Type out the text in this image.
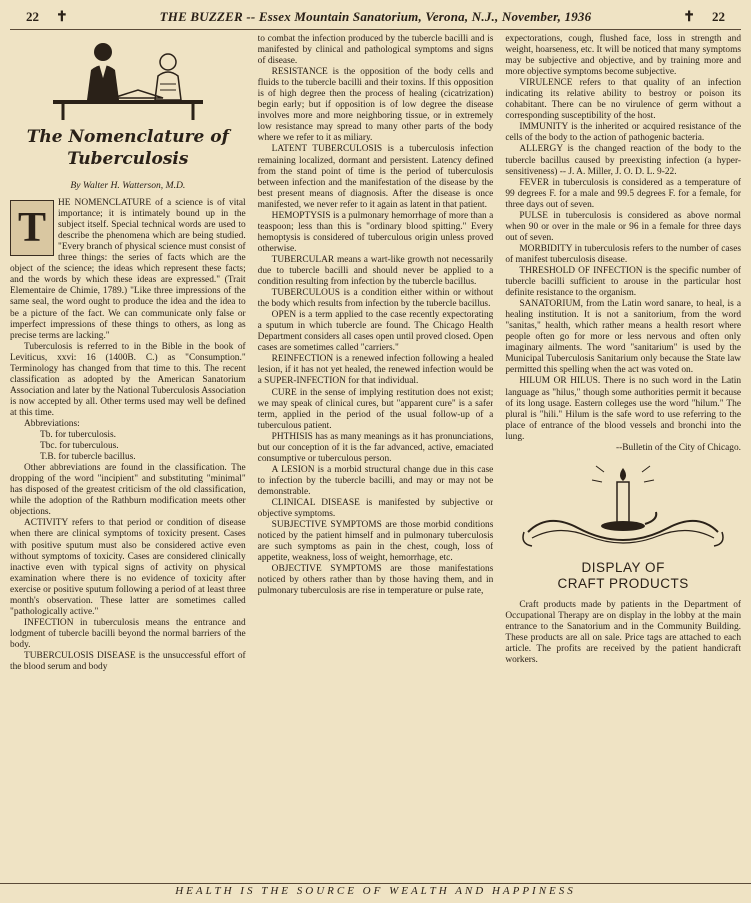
22	✝	THE BUZZER -- Essex Mountain Sanatorium, Verona, N.J., November, 1936	✝	22
The Nomenclature of
Tuberculosis
By Walter H. Watterson, M.D.
T

HE NOMENCLATURE of a science is of vital importance; it is intimately bound up in the subject itself. Special technical words are used to describe the phenomena which are being studied. "Every branch of physical science must consist of three things: the series of facts which are the object of the science; the ideas which represent these facts; and the words by which these ideas are expressed." (Trait Elementaire de Chimie, 1789.) "Like three impressions of the same seal, the word ought to produce the idea and the idea to be a picture of the fact. We can communicate only false or imperfect impressions of these things to others, as long as precise terms are lacking."

Tuberculosis is referred to in the Bible in the book of Leviticus, xxvi: 16 (1400B. C.) as "Consumption." Terminology has changed from that time to this. The recent classification as adopted by the American Sanatorium Association and later by the National Tuberculosis Association is now accepted by all. Other terms used may well be defined at this time.

Abbreviations:

Tb. for tuberculosis.

Tbc. for tuberculous.

T.B. for tubercle bacillus.

Other abbreviations are found in the classification. The dropping of the word "incipient" and substituting "minimal" has disposed of the greatest criticism of the old classification, while the adoption of the Rathburn modification meets other objections.

ACTIVITY refers to that period or condition of disease when there are clinical symptoms of toxicity present. Cases with positive sputum must also be considered active even without symptoms of toxicity. Cases are considered clinically inactive even with typical signs of activity on physical examination where there is no evidence of toxicity after exercise or positive sputum following a period of at least three month's observation. These latter are sometimes called "pathologically active."

INFECTION in tuberculosis means the entrance and lodgment of tubercle bacilli beyond the normal barriers of the body.

TUBERCULOSIS DISEASE is the unsuccessful effort of the blood serum and body

to combat the infection produced by the tubercle bacilli and is manifested by clinical and pathological symptoms and signs of disease.

RESISTANCE is the opposition of the body cells and fluids to the tubercle bacilli and their toxins. If this opposition is of high degree then the process of healing (cicatrization) begin early; but if opposition is of low degree the disease involves more and more neighboring tissue, or in extremely low resistance may spread to many other parts of the body where we refer to it as miliary.

LATENT TUBERCULOSIS is a tuberculosis infection remaining localized, dormant and persistent. Latency defined from the stand point of time is the period of tuberculosis between infection and the manifestation of the disease by the best present means of diagnosis. After the disease is once manifested, we never refer to it again as latent in that patient.

HEMOPTYSIS is a pulmonary hemorrhage of more than a teaspoon; less than this is "ordinary blood spitting." Every hemoptysis is considered of tuberculous origin unless proved otherwise.

TUBERCULAR means a wart-like growth not necessarily due to tubercle bacilli and should never be applied to a condition resulting from infection by the tubercle bacillus.

TUBERCULOUS is a condition either within or without the body which results from infection by the tubercle bacillus.

OPEN is a term applied to the case recently expectorating a sputum in which tubercle are found. The Chicago Health Department considers all cases open until proved closed. Open cases are sometimes called "carriers."

REINFECTION is a renewed infection following a healed lesion, if it has not yet healed, the renewed infection would be a SUPER-INFECTION for that individual.

CURE in the sense of implying restitution does not exist; we may speak of clinical cures, but "apparent cure" is a safer term, applied in the period of the usual follow-up of a tuberculous patient.

PHTHISIS has as many meanings as it has pronunciations, but our conception of it is the far advanced, active, emaciated consumptive or tuberculous person.

A LESION is a morbid structural change due in this case to infection by the tubercle bacilli, and may or may not be demonstrable.

CLINICAL DISEASE is manifested by subjective or objective symptoms.

SUBJECTIVE SYMPTOMS are those morbid conditions noticed by the patient himself and in pulmonary tuberculosis are such symptoms as pain in the chest, cough, loss of appetite, weakness, loss of weight, hemorrhage, etc.

OBJECTIVE SYMPTOMS are those manifestations noticed by others rather than by those having them, and in pulmonary tuberculosis are rise in temperature or pulse rate,

expectorations, cough, flushed face, loss in strength and weight, hoarseness, etc. It will be noticed that many symptoms may be subjective and objective, and by training more and more objective symptoms become subjective.

VIRULENCE refers to that quality of an infection indicating its relative ability to bestroy or poison its cohabitant. There can be no virulence of germ without a corresponding susceptibility of the host.

IMMUNITY is the inherited or acquired resistance of the cells of the body to the action of pathogenic bacteria.

ALLERGY is the changed reaction of the body to the tubercle bacillus caused by preexisting infection (a hyper-sensitiveness) -- J. A. Miller, J. O. D. L. 9-22.

FEVER in tuberculosis is considered as a temperature of 99 degrees F. for a male and 99.5 degrees F. for a female, for three days out of seven.

PULSE in tuberculosis is considered as above normal when 90 or over in the male or 96 in a female for three days out of seven.

MORBIDITY in tuberculosis refers to the number of cases of manifest tuberculosis disease.

THRESHOLD OF INFECTION is the specific number of tubercle bacilli sufficient to arouse in the particular host definite resistance to the organism.

SANATORIUM, from the Latin word sanare, to heal, is a healing institution. It is not a sanitorium, from the word "sanitas," health, which rather means a health resort where people often go for more or less nervous and often only imaginary ailments. The word "sanitarium" is used by the Municipal Tuberculosis Sanitarium only because the State law permitted this spelling when the act was voted on.

HILUM OR HILUS. There is no such word in the Latin language as "hilus," though some authorities permit it because of its long usage. Eastern colleges use the word "hilum." The plural is "hili." Hilum is the safe word to use referring to the place of entrance of the blood vessels and bronchi into the lung.

--Bulletin of the City of Chicago.

DISPLAY OF
CRAFT PRODUCTS

Craft products made by patients in the Department of Occupational Therapy are on display in the lobby at the main entrance to the Sanatorium and in the Community Building. These products are all on sale. Price tags are attached to each article. The profits are received by the patient handicraft workers.

HEALTH IS THE SOURCE OF WEALTH AND HAPPINESS
